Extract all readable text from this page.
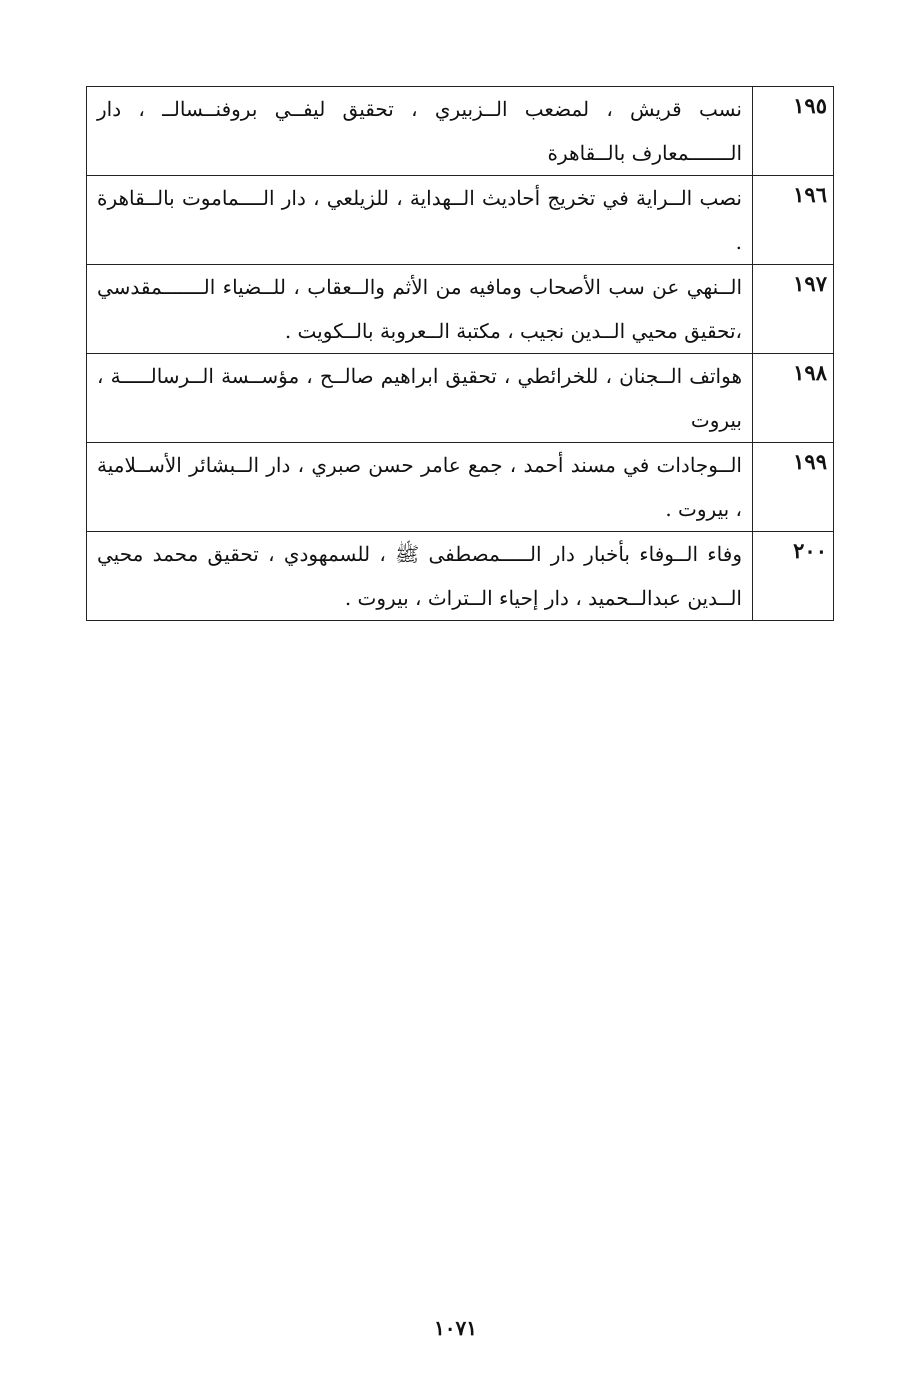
١٩٥	نسب قريش ، لمضعب الــزبيري ، تحقيق ليفــي بروفنــسالــ ، دار الـــــــمعارف بالــقاهرة
١٩٦	نصب الــراية في تخريج أحاديث الــهداية ، للزيلعي ، دار الــــماموت بالــقاهرة .
١٩٧	الــنهي عن سب الأصحاب ومافيه من الأثم والــعقاب ، للــضياء الـــــــمقدسي ،تحقيق محيي الــدين نجيب ، مكتبة الــعروبة بالــكويت .
١٩٨	هواتف الــجنان ، للخرائطي ، تحقيق ابراهيم صالــح ، مؤســسة الــرسالـــــة ، بيروت
١٩٩	الــوجادات في مسند أحمد ، جمع عامر حسن صبري ، دار الــبشائر الأســلامية ، بيروت .
٢٠٠	وفاء الــوفاء بأخبار دار الـــــمصطفى ﷺ ، للسمهودي ، تحقيق محمد محيي الــدين عبدالــحميد ، دار إحياء الــتراث ، بيروت .
١٠٧١
